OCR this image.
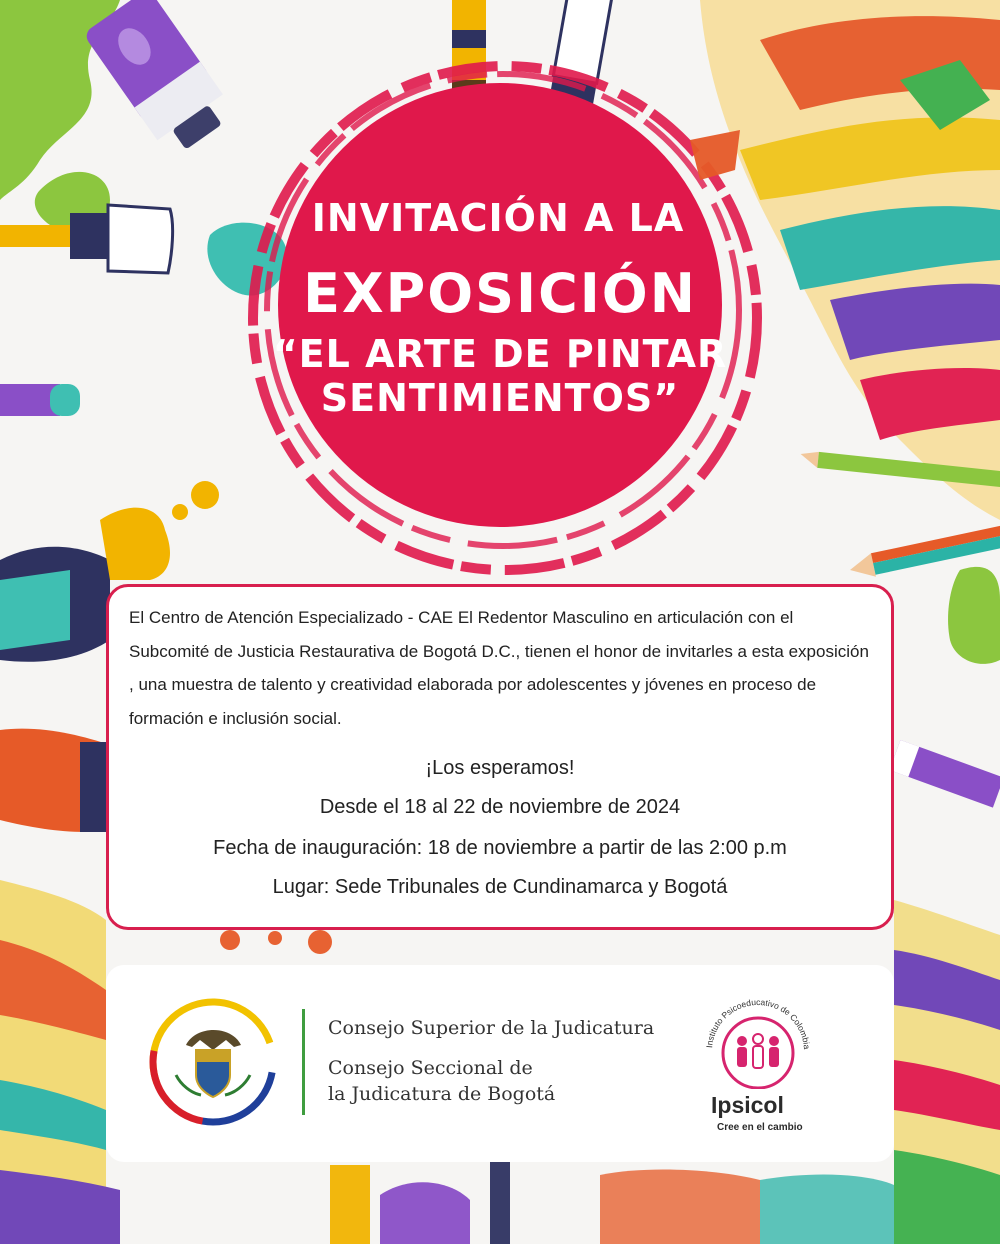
INVITACIÓN A LA
EXPOSICIÓN
“EL ARTE DE PINTAR
SENTIMIENTOS”

El Centro de Atención Especializado - CAE El Redentor Masculino en articulación con el Subcomité de Justicia Restaurativa de Bogotá D.C., tienen el honor de invitarles a esta exposición , una muestra de talento y creatividad elaborada por adolescentes y jóvenes en proceso de formación e inclusión social.

¡Los esperamos!
Desde el 18 al 22 de noviembre de 2024
Fecha de inauguración: 18 de noviembre a partir de las 2:00 p.m
Lugar: Sede Tribunales de Cundinamarca y Bogotá
Consejo Superior de la Judicatura
Consejo Seccional de
la Judicatura de Bogotá
Instituto Psicoeducativo de Colombia
Ipsicol
Cree en el cambio
